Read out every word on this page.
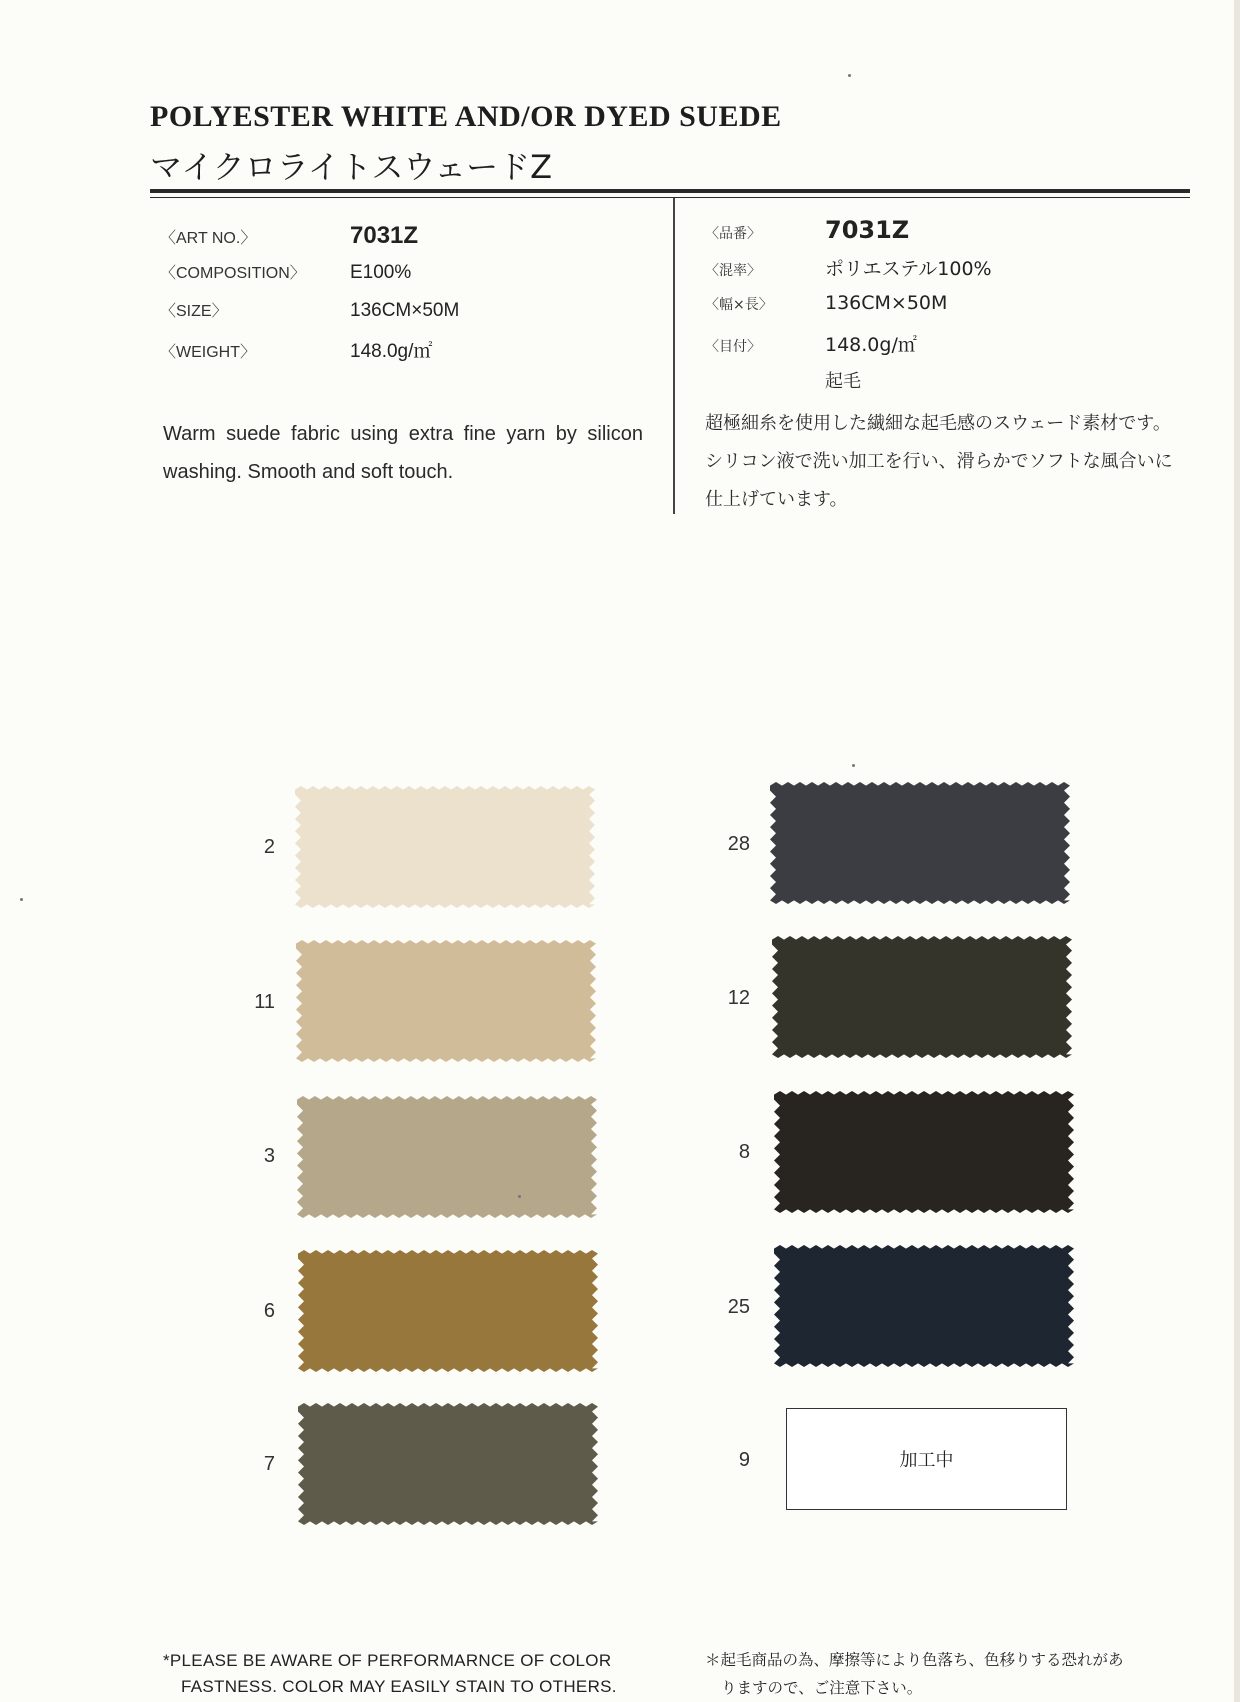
POLYESTER WHITE AND/OR DYED SUEDE
マイクロライトスウェードZ
〈ART NO.〉	7031Z
〈COMPOSITION〉	E100%
〈SIZE〉	136CM×50M
〈WEIGHT〉	148.0g/㎡
〈品番〉	7031Z
〈混率〉	ポリエステル100%
〈幅×長〉	136CM×50M
〈目付〉	148.0g/㎡
起毛
Warm suede fabric using extra fine yarn by silicon washing. Smooth and soft touch.
超極細糸を使用した繊細な起毛感のスウェード素材です。シリコン液で洗い加工を行い、滑らかでソフトな風合いに仕上げています。
2
11
3
6
7
28
12
8
25
9	加工中
*PLEASE BE AWARE OF PERFORMARNCE OF COLOR
FASTNESS. COLOR MAY EASILY STAIN TO OTHERS.
＊起毛商品の為、摩擦等により色落ち、色移りする恐れがあ
りますので、ご注意下さい。
